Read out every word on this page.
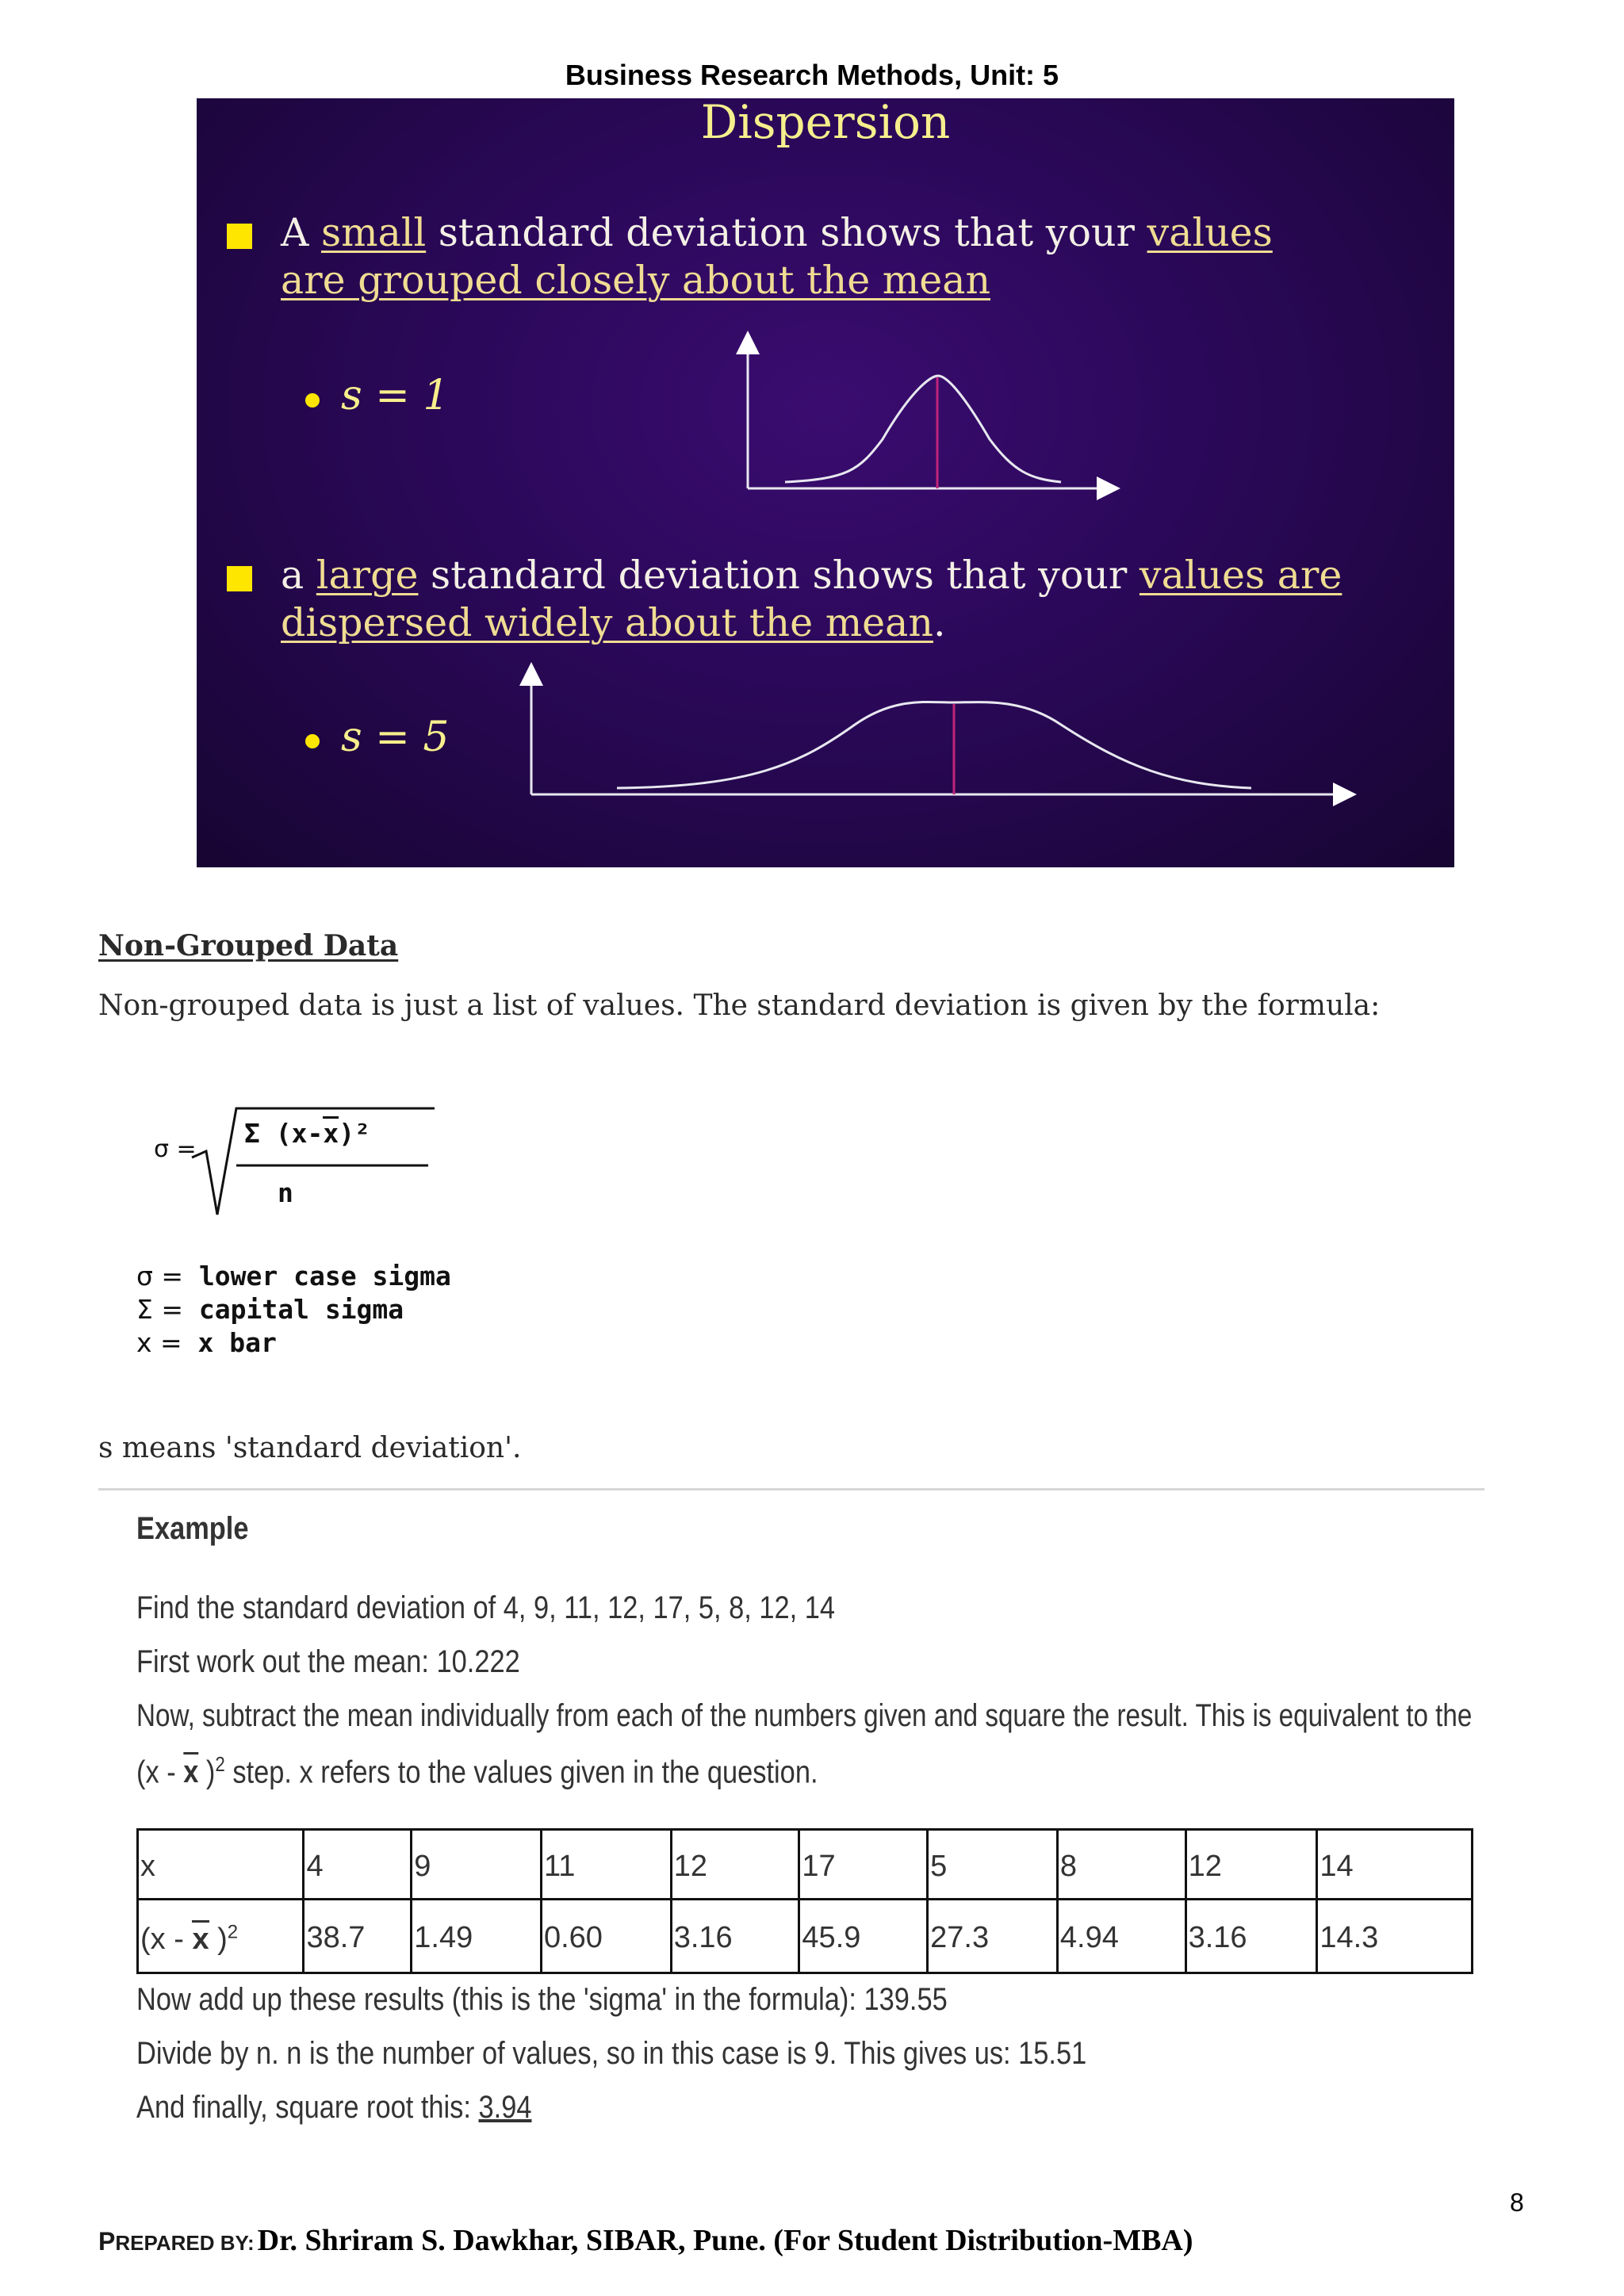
Business Research Methods, Unit: 5
Dispersion
A small standard deviation shows that your values
are grouped closely about the mean
s = 1
a large standard deviation shows that your values are
dispersed widely about the mean.
s = 5
Non-Grouped Data
Non-grouped data is just a list of values. The standard deviation is given by the formula:
σ =
Σ (x-x)²
n
σ = lower case sigma
Σ = capital sigma
x = x bar
s means 'standard deviation'.
Example
Find the standard deviation of 4, 9, 11, 12, 17, 5, 8, 12, 14
First work out the mean: 10.222
Now, subtract the mean individually from each of the numbers given and square the result. This is equivalent to the
(x - x )$^2$ step. x refers to the values given in the question.
x	4	9	11	12	17	5	8	12	14
(x - x )$^2$	38.7	1.49	0.60	3.16	45.9	27.3	4.94	3.16	14.3
Now add up these results (this is the 'sigma' in the formula): 139.55
Divide by n. n is the number of values, so in this case is 9. This gives us: 15.51
And finally, square root this: 3.94
8
PREPARED BY: Dr. Shriram S. Dawkhar, SIBAR, Pune. (For Student Distribution-MBA)
